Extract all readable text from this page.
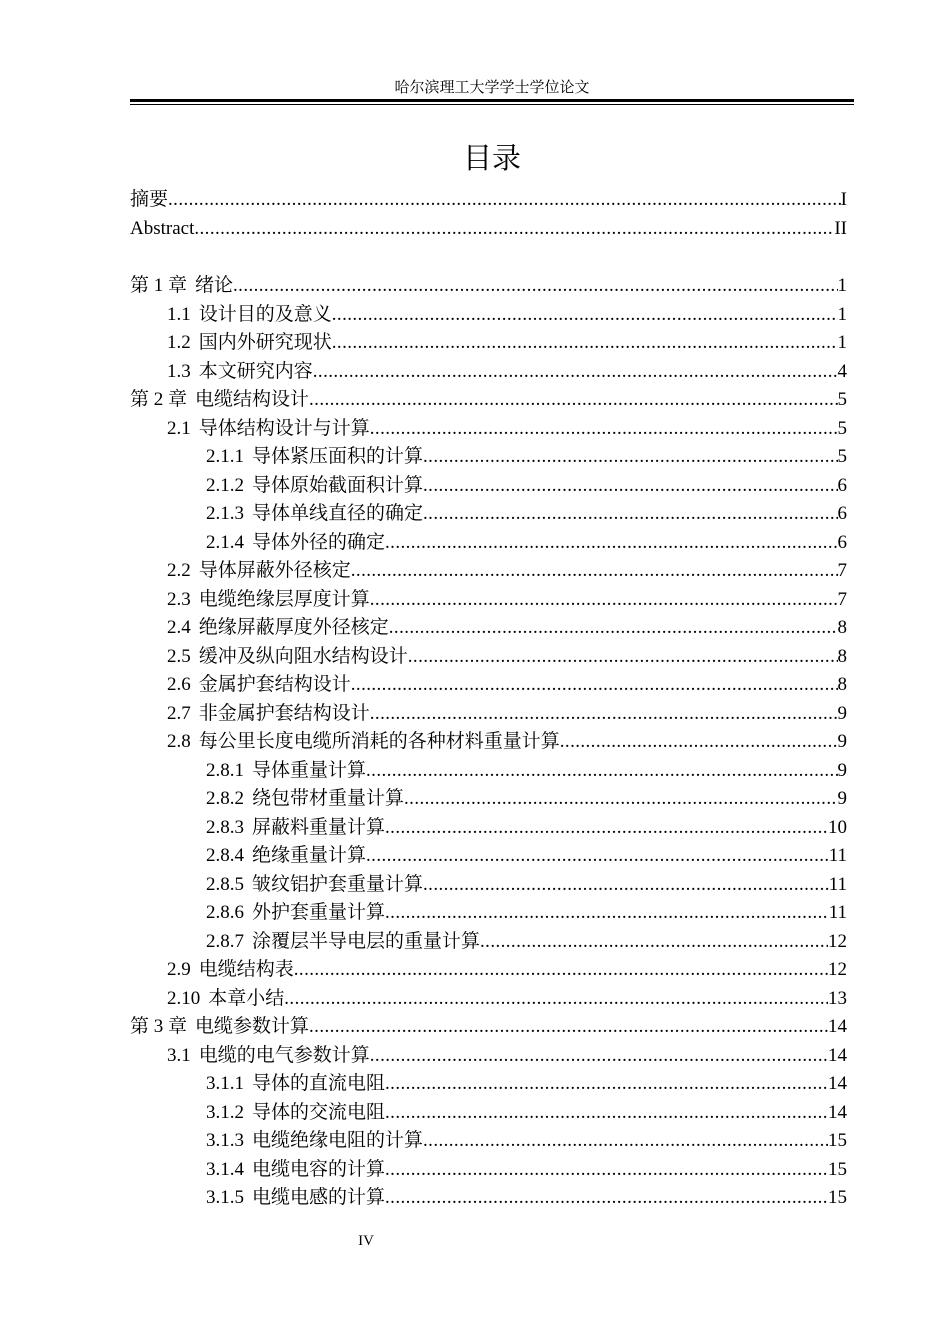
哈尔滨理工大学学士学位论文
目录
摘要 .....	I
Abstract .....	II
第 1 章 绪论 .....	1
1.1 设计目的及意义 .....	1
1.2 国内外研究现状 .....	1
1.3 本文研究内容 .....	4
第 2 章 电缆结构设计 .....	5
2.1 导体结构设计与计算 .....	5
2.1.1 导体紧压面积的计算 .....	5
2.1.2 导体原始截面积计算 .....	6
2.1.3 导体单线直径的确定 .....	6
2.1.4 导体外径的确定 .....	6
2.2 导体屏蔽外径核定 .....	7
2.3 电缆绝缘层厚度计算 .....	7
2.4 绝缘屏蔽厚度外径核定 .....	8
2.5 缓冲及纵向阻水结构设计 .....	8
2.6 金属护套结构设计 .....	8
2.7 非金属护套结构设计 .....	9
2.8 每公里长度电缆所消耗的各种材料重量计算 .....	9
2.8.1 导体重量计算 .....	9
2.8.2 绕包带材重量计算 .....	9
2.8.3 屏蔽料重量计算 .....	10
2.8.4 绝缘重量计算 .....	11
2.8.5 皱纹铝护套重量计算 .....	11
2.8.6 外护套重量计算 .....	11
2.8.7 涂覆层半导电层的重量计算 .....	12
2.9 电缆结构表 .....	12
2.10 本章小结 .....	13
第 3 章 电缆参数计算 .....	14
3.1 电缆的电气参数计算 .....	14
3.1.1 导体的直流电阻 .....	14
3.1.2 导体的交流电阻 .....	14
3.1.3 电缆绝缘电阻的计算 .....	15
3.1.4 电缆电容的计算 .....	15
3.1.5 电缆电感的计算 .....	15
IV
